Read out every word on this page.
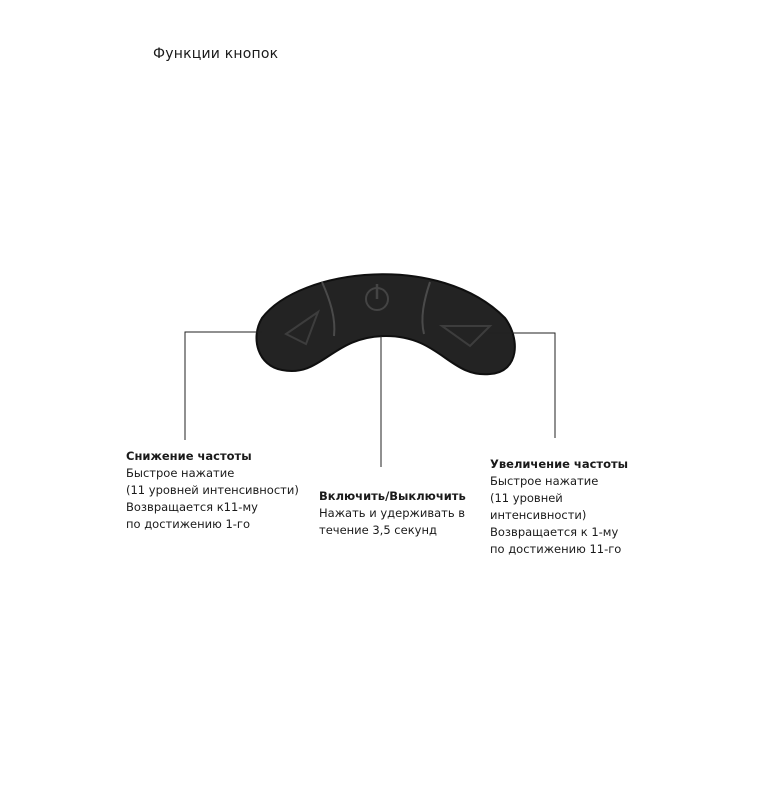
Функции кнопок
Снижение частоты
Быстрое нажатие
(11 уровней интенсивности)
Возвращается к11-му
по достижению 1-го
Включить/Выключить
Нажать и удерживать в
течение 3,5 секунд
Увеличение частоты
Быстрое нажатие
(11 уровней
интенсивности)
Возвращается к 1-му
по достижению 11-го
